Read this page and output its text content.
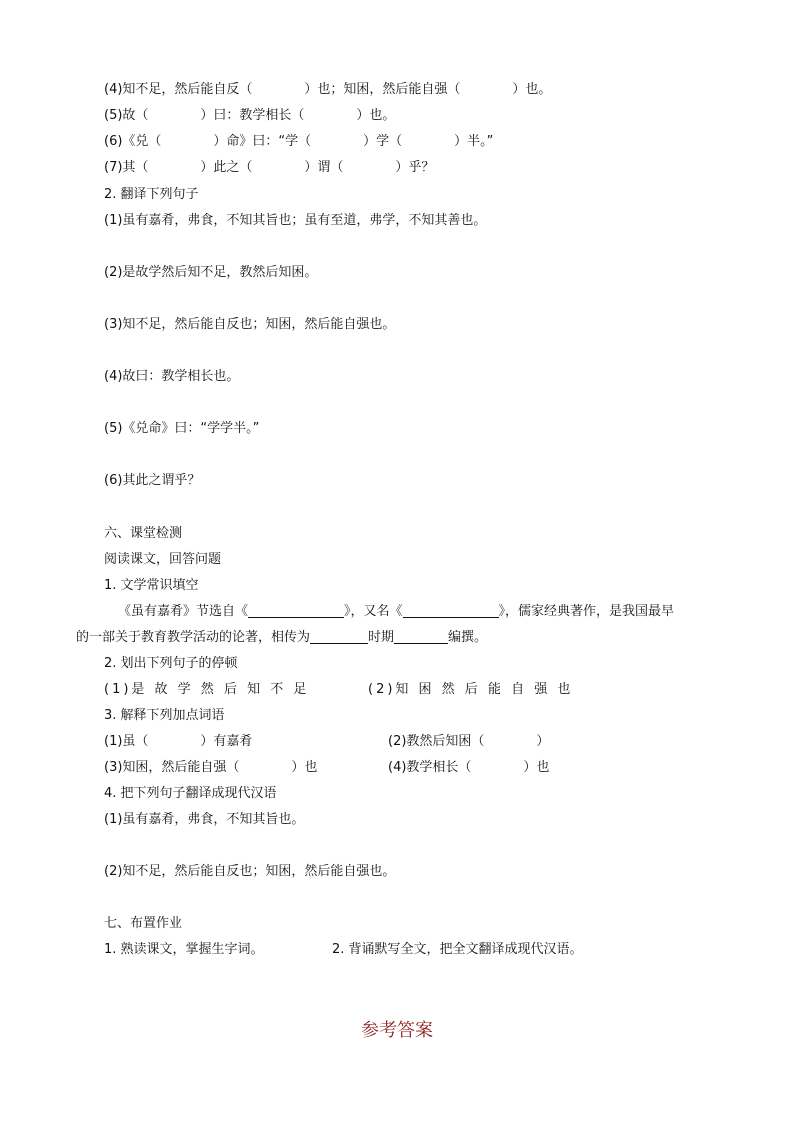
(4)知不足，然后能自反（　　　　）也；知困，然后能自强（　　　　）也。

(5)故（　　　　）曰：教学相长（　　　　）也。

(6)《兑（　　　　）命》曰：“学（　　　　）学（　　　　）半。”

(7)其（　　　　）此之（　　　　）谓（　　　　）乎？

2. 翻译下列句子

(1)虽有嘉肴，弗食，不知其旨也；虽有至道，弗学，不知其善也。

(2)是故学然后知不足，教然后知困。

(3)知不足，然后能自反也；知困，然后能自强也。

(4)故曰：教学相长也。

(5)《兑命》曰：“学学半。”

(6)其此之谓乎？

六、课堂检测

阅读课文，回答问题

1. 文学常识填空

《虽有嘉肴》节选自《	》，又名《	》，儒家经典著作，是我国最早

的一部关于教育教学活动的论著，相传为	时期	编撰。

2. 划出下列句子的停顿

(1)是 故 学 然 后 知 不 足	(2)知 困 然 后 能 自 强 也

3. 解释下列加点词语

(1)虽（　　　　）有嘉肴	(2)教然后知困（　　　　）

(3)知困，然后能自强（　　　　）也	(4)教学相长（　　　　）也

4. 把下列句子翻译成现代汉语

(1)虽有嘉肴，弗食，不知其旨也。

(2)知不足，然后能自反也；知困，然后能自强也。

七、布置作业

1. 熟读课文，掌握生字词。	2. 背诵默写全文，把全文翻译成现代汉语。

参考答案
